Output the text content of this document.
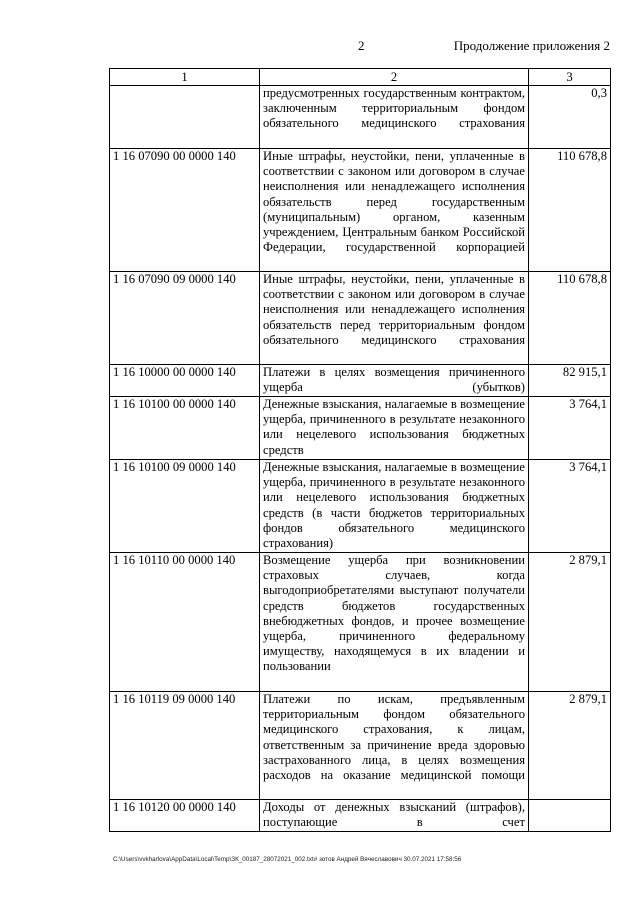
2	Продолжение приложения 2
1	2	3
	предусмотренных государственным контрактом, заключенным территориальным фондом обязательного медицинского страхования	0,3
1 16 07090 00 0000 140	Иные штрафы, неустойки, пени, уплаченные в соответствии с законом или договором в случае неисполнения или ненадлежащего исполнения обязательств перед государственным (муниципальным) органом, казенным учреждением, Центральным банком Российской Федерации, государственной корпорацией	110 678,8
1 16 07090 09 0000 140	Иные штрафы, неустойки, пени, уплаченные в соответствии с законом или договором в случае неисполнения или ненадлежащего исполнения обязательств перед территориальным фондом обязательного медицинского страхования	110 678,8
1 16 10000 00 0000 140	Платежи в целях возмещения причиненного ущерба (убытков)	82 915,1
1 16 10100 00 0000 140	Денежные взыскания, налагаемые в возмещение ущерба, причиненного в результате незаконного или нецелевого использования бюджетных средств	3 764,1
1 16 10100 09 0000 140	Денежные взыскания, налагаемые в возмещение ущерба, причиненного в результате незаконного или нецелевого использования бюджетных средств (в части бюджетов территориальных фондов обязательного медицинского страхования)	3 764,1
1 16 10110 00 0000 140	Возмещение ущерба при возникновении страховых случаев, когда выгодоприобретателями выступают получатели средств бюджетов государственных внебюджетных фондов, и прочее возмещение ущерба, причиненного федеральному имуществу, находящемуся в их владении и пользовании	2 879,1
1 16 10119 09 0000 140	Платежи по искам, предъявленным территориальным фондом обязательного медицинского страхования, к лицам, ответственным за причинение вреда здоровью застрахованного лица, в целях возмещения расходов на оказание медицинской помощи	2 879,1
1 16 10120 00 0000 140	Доходы от денежных взысканий (штрафов), поступающие в счет	
C:\Users\vvkharlova\AppData\Local\Temp\ЗК_00187_28072021_002.txt# зотов Андрей Вячеславович 30.07.2021 17:58:56
